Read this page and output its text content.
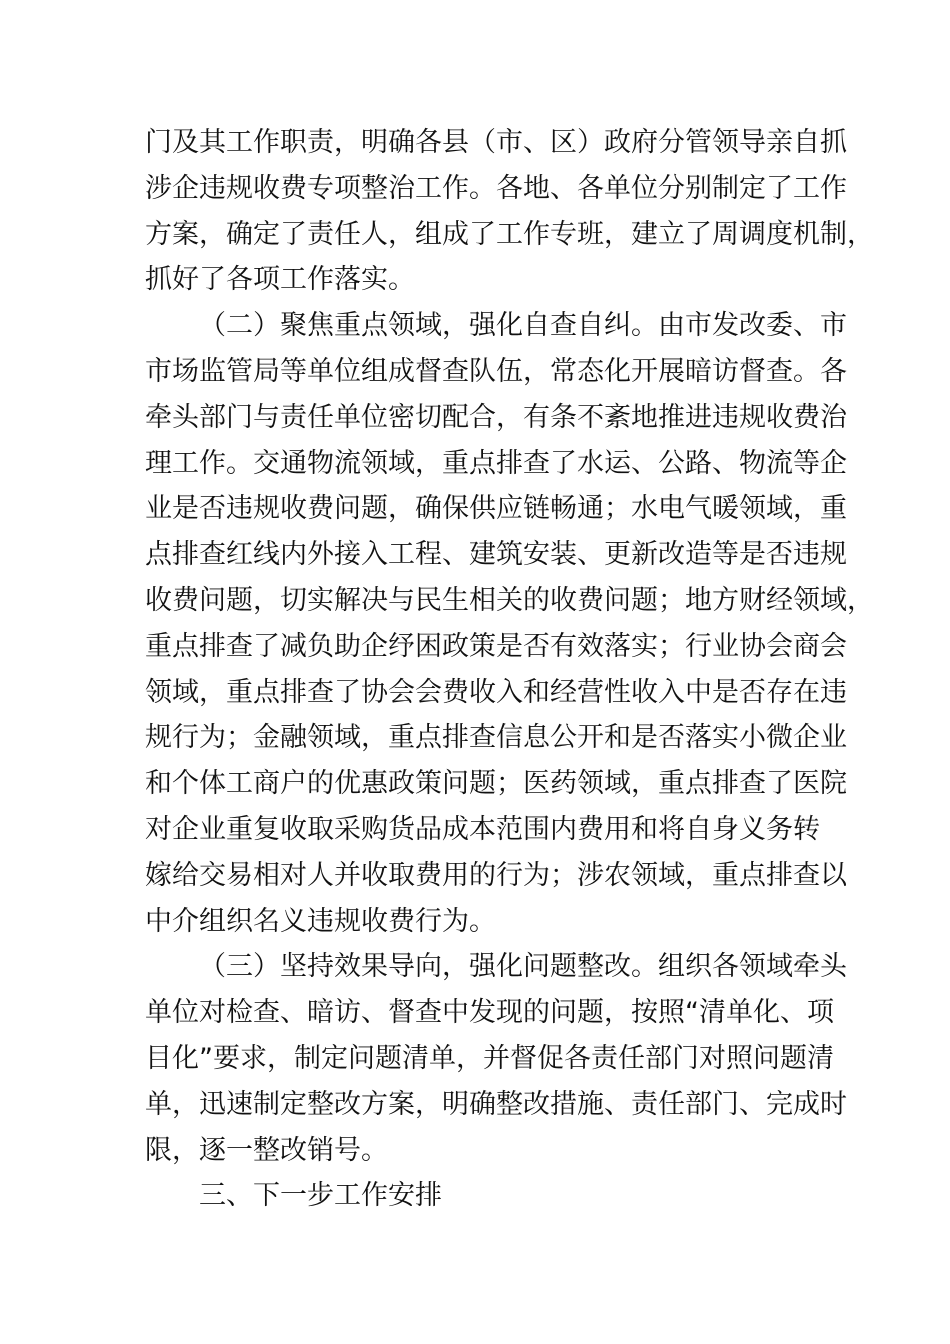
门及其工作职责，明确各县（市、区）政府分管领导亲自抓
涉企违规收费专项整治工作。各地、各单位分别制定了工作
方案，确定了责任人，组成了工作专班，建立了周调度机制，
抓好了各项工作落实。
（二）聚焦重点领域，强化自查自纠。由市发改委、市
市场监管局等单位组成督查队伍，常态化开展暗访督查。各
牵头部门与责任单位密切配合，有条不紊地推进违规收费治
理工作。交通物流领域，重点排查了水运、公路、物流等企
业是否违规收费问题，确保供应链畅通；水电气暖领域，重
点排查红线内外接入工程、建筑安装、更新改造等是否违规
收费问题，切实解决与民生相关的收费问题；地方财经领域，
重点排查了减负助企纾困政策是否有效落实；行业协会商会
领域，重点排查了协会会费收入和经营性收入中是否存在违
规行为；金融领域，重点排查信息公开和是否落实小微企业
和个体工商户的优惠政策问题；医药领域，重点排查了医院
对企业重复收取采购货品成本范围内费用和将自身义务转
嫁给交易相对人并收取费用的行为；涉农领域，重点排查以
中介组织名义违规收费行为。
（三）坚持效果导向，强化问题整改。组织各领域牵头
单位对检查、暗访、督查中发现的问题，按照“清单化、项
目化”要求，制定问题清单，并督促各责任部门对照问题清
单，迅速制定整改方案，明确整改措施、责任部门、完成时
限，逐一整改销号。
三、下一步工作安排
